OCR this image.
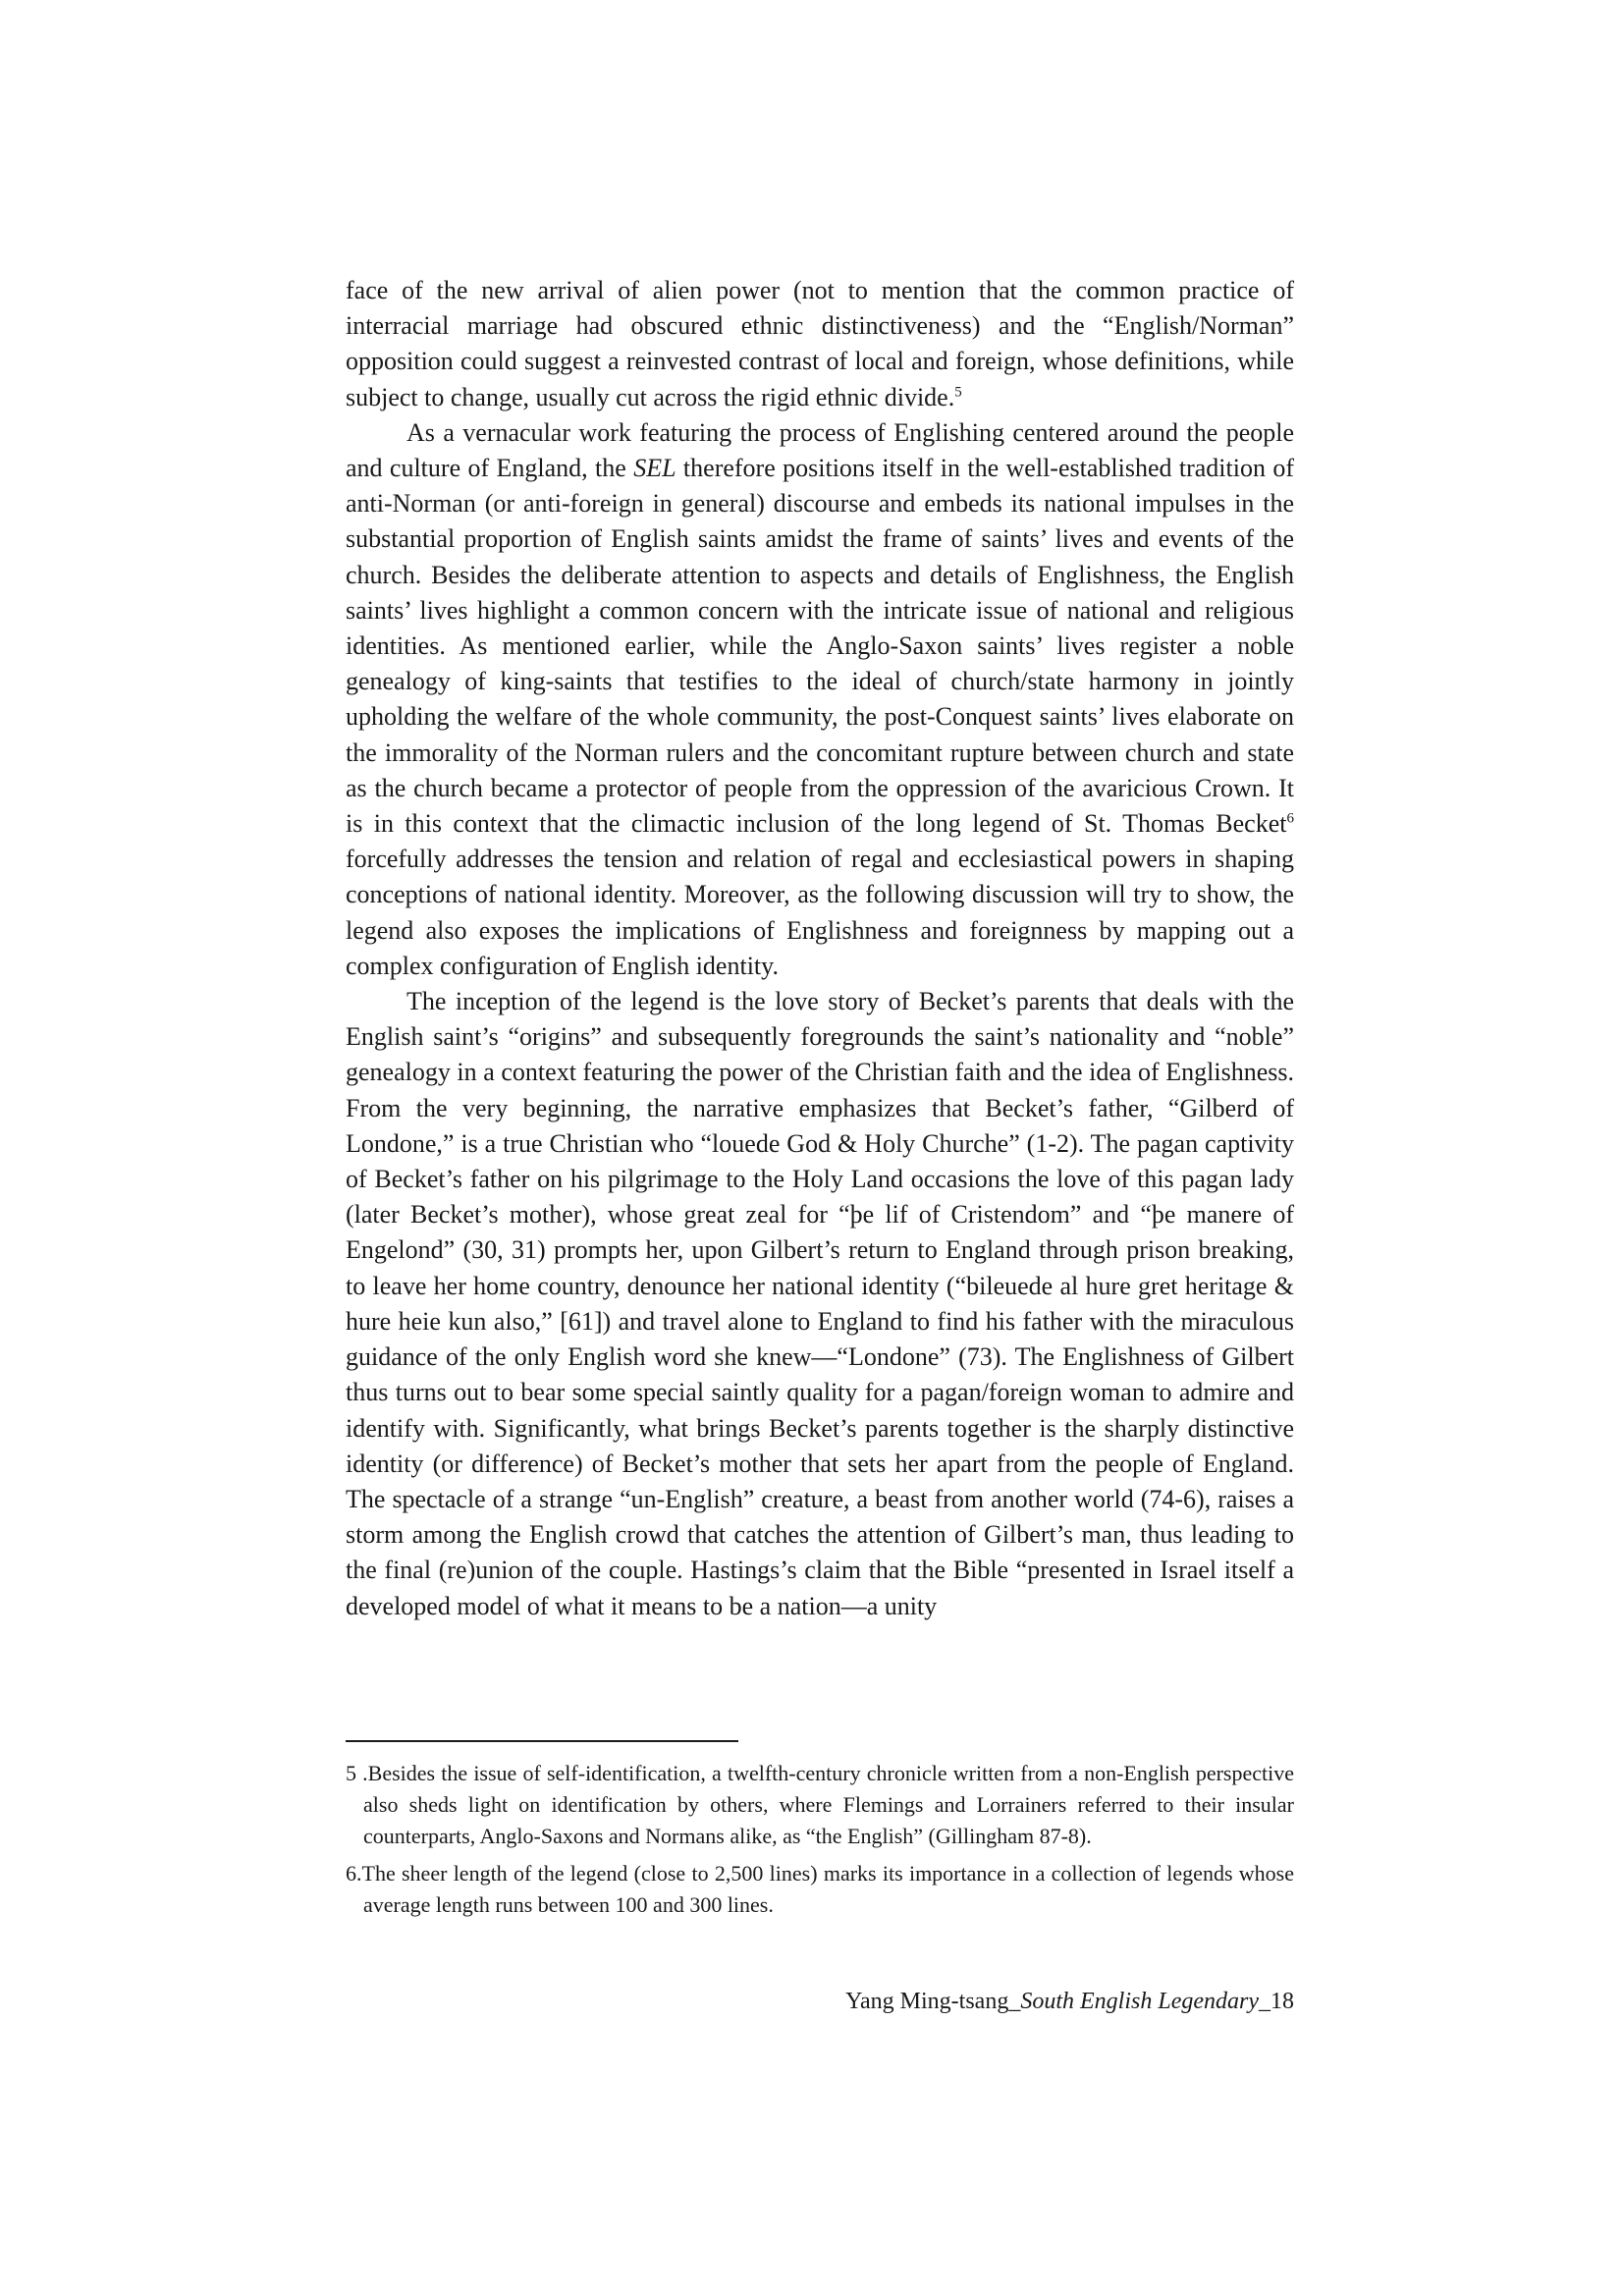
face of the new arrival of alien power (not to mention that the common practice of interracial marriage had obscured ethnic distinctiveness) and the “English/Norman” opposition could suggest a reinvested contrast of local and foreign, whose definitions, while subject to change, usually cut across the rigid ethnic divide.$^5$

As a vernacular work featuring the process of Englishing centered around the people and culture of England, the SEL therefore positions itself in the well-established tradition of anti-Norman (or anti-foreign in general) discourse and embeds its national impulses in the substantial proportion of English saints amidst the frame of saints’ lives and events of the church. Besides the deliberate attention to aspects and details of Englishness, the English saints’ lives highlight a common concern with the intricate issue of national and religious identities. As mentioned earlier, while the Anglo-Saxon saints’ lives register a noble genealogy of king-saints that testifies to the ideal of church/state harmony in jointly upholding the welfare of the whole community, the post-Conquest saints’ lives elaborate on the immorality of the Norman rulers and the concomitant rupture between church and state as the church became a protector of people from the oppression of the avaricious Crown. It is in this context that the climactic inclusion of the long legend of St. Thomas Becket$^6$ forcefully addresses the tension and relation of regal and ecclesiastical powers in shaping conceptions of national identity. Moreover, as the following discussion will try to show, the legend also exposes the implications of Englishness and foreignness by mapping out a complex configuration of English identity.

The inception of the legend is the love story of Becket’s parents that deals with the English saint’s “origins” and subsequently foregrounds the saint’s nationality and “noble” genealogy in a context featuring the power of the Christian faith and the idea of Englishness. From the very beginning, the narrative emphasizes that Becket’s father, “Gilberd of Londone,” is a true Christian who “louede God & Holy Churche” (1-2). The pagan captivity of Becket’s father on his pilgrimage to the Holy Land occasions the love of this pagan lady (later Becket’s mother), whose great zeal for “þe lif of Cristendom” and “þe manere of Engelond” (30, 31) prompts her, upon Gilbert’s return to England through prison breaking, to leave her home country, denounce her national identity (“bileuede al hure gret heritage & hure heie kun also,” [61]) and travel alone to England to find his father with the miraculous guidance of the only English word she knew—“Londone” (73). The Englishness of Gilbert thus turns out to bear some special saintly quality for a pagan/foreign woman to admire and identify with. Significantly, what brings Becket’s parents together is the sharply distinctive identity (or difference) of Becket’s mother that sets her apart from the people of England. The spectacle of a strange “un-English” creature, a beast from another world (74-6), raises a storm among the English crowd that catches the attention of Gilbert’s man, thus leading to the final (re)union of the couple. Hastings’s claim that the Bible “presented in Israel itself a developed model of what it means to be a nation—a unity

5 .Besides the issue of self-identification, a twelfth-century chronicle written from a non-English perspective also sheds light on identification by others, where Flemings and Lorrainers referred to their insular counterparts, Anglo-Saxons and Normans alike, as “the English” (Gillingham 87-8).

6.The sheer length of the legend (close to 2,500 lines) marks its importance in a collection of legends whose average length runs between 100 and 300 lines.

Yang Ming-tsang_South English Legendary_18
